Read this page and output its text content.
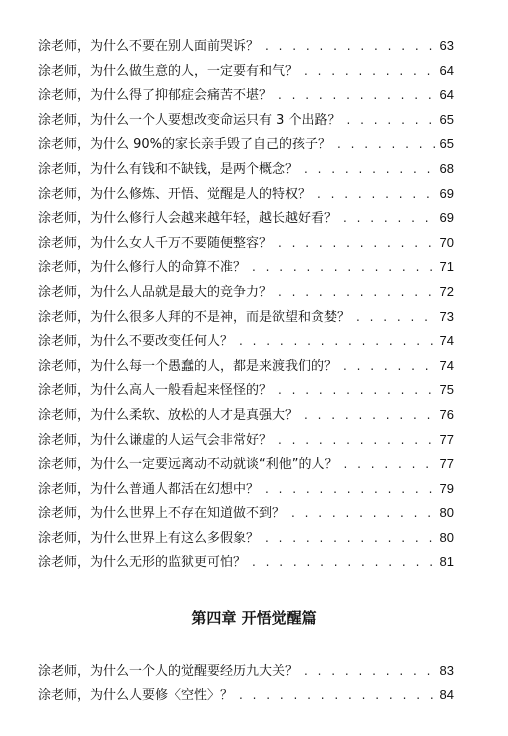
涂老师，为什么不要在别人面前哭诉？ . . .	63
涂老师，为什么做生意的人，一定要有和气？ . . .	64
涂老师，为什么得了抑郁症会痛苦不堪？ . . .	64
涂老师，为什么一个人要想改变命运只有 3 个出路？ . . .	65
涂老师，为什么 90%的家长亲手毁了自己的孩子？ . . .	65
涂老师，为什么有钱和不缺钱，是两个概念？ . . .	68
涂老师，为什么修炼、开悟、觉醒是人的特权？ . . .	69
涂老师，为什么修行人会越来越年轻，越长越好看？ . . .	69
涂老师，为什么女人千万不要随便整容？ . . .	70
涂老师，为什么修行人的命算不准？ . . .	71
涂老师，为什么人品就是最大的竞争力？ . . .	72
涂老师，为什么很多人拜的不是神，而是欲望和贪婪？ . . .	73
涂老师，为什么不要改变任何人？ . . .	74
涂老师，为什么每一个愚蠢的人，都是来渡我们的？ . . .	74
涂老师，为什么高人一般看起来怪怪的？ . . .	75
涂老师，为什么柔软、放松的人才是真强大？ . . .	76
涂老师，为什么谦虚的人运气会非常好？ . . .	77
涂老师，为什么一定要远离动不动就谈“利他”的人？ . . .	77
涂老师，为什么普通人都活在幻想中？ . . .	79
涂老师，为什么世界上不存在知道做不到？ . . .	80
涂老师，为什么世界上有这么多假象？ . . .	80
涂老师，为什么无形的监狱更可怕？ . . .	81
第四章 开悟觉醒篇
涂老师，为什么一个人的觉醒要经历九大关？ . . .	83
涂老师，为什么人要修〈空性〉？ . . .	84
